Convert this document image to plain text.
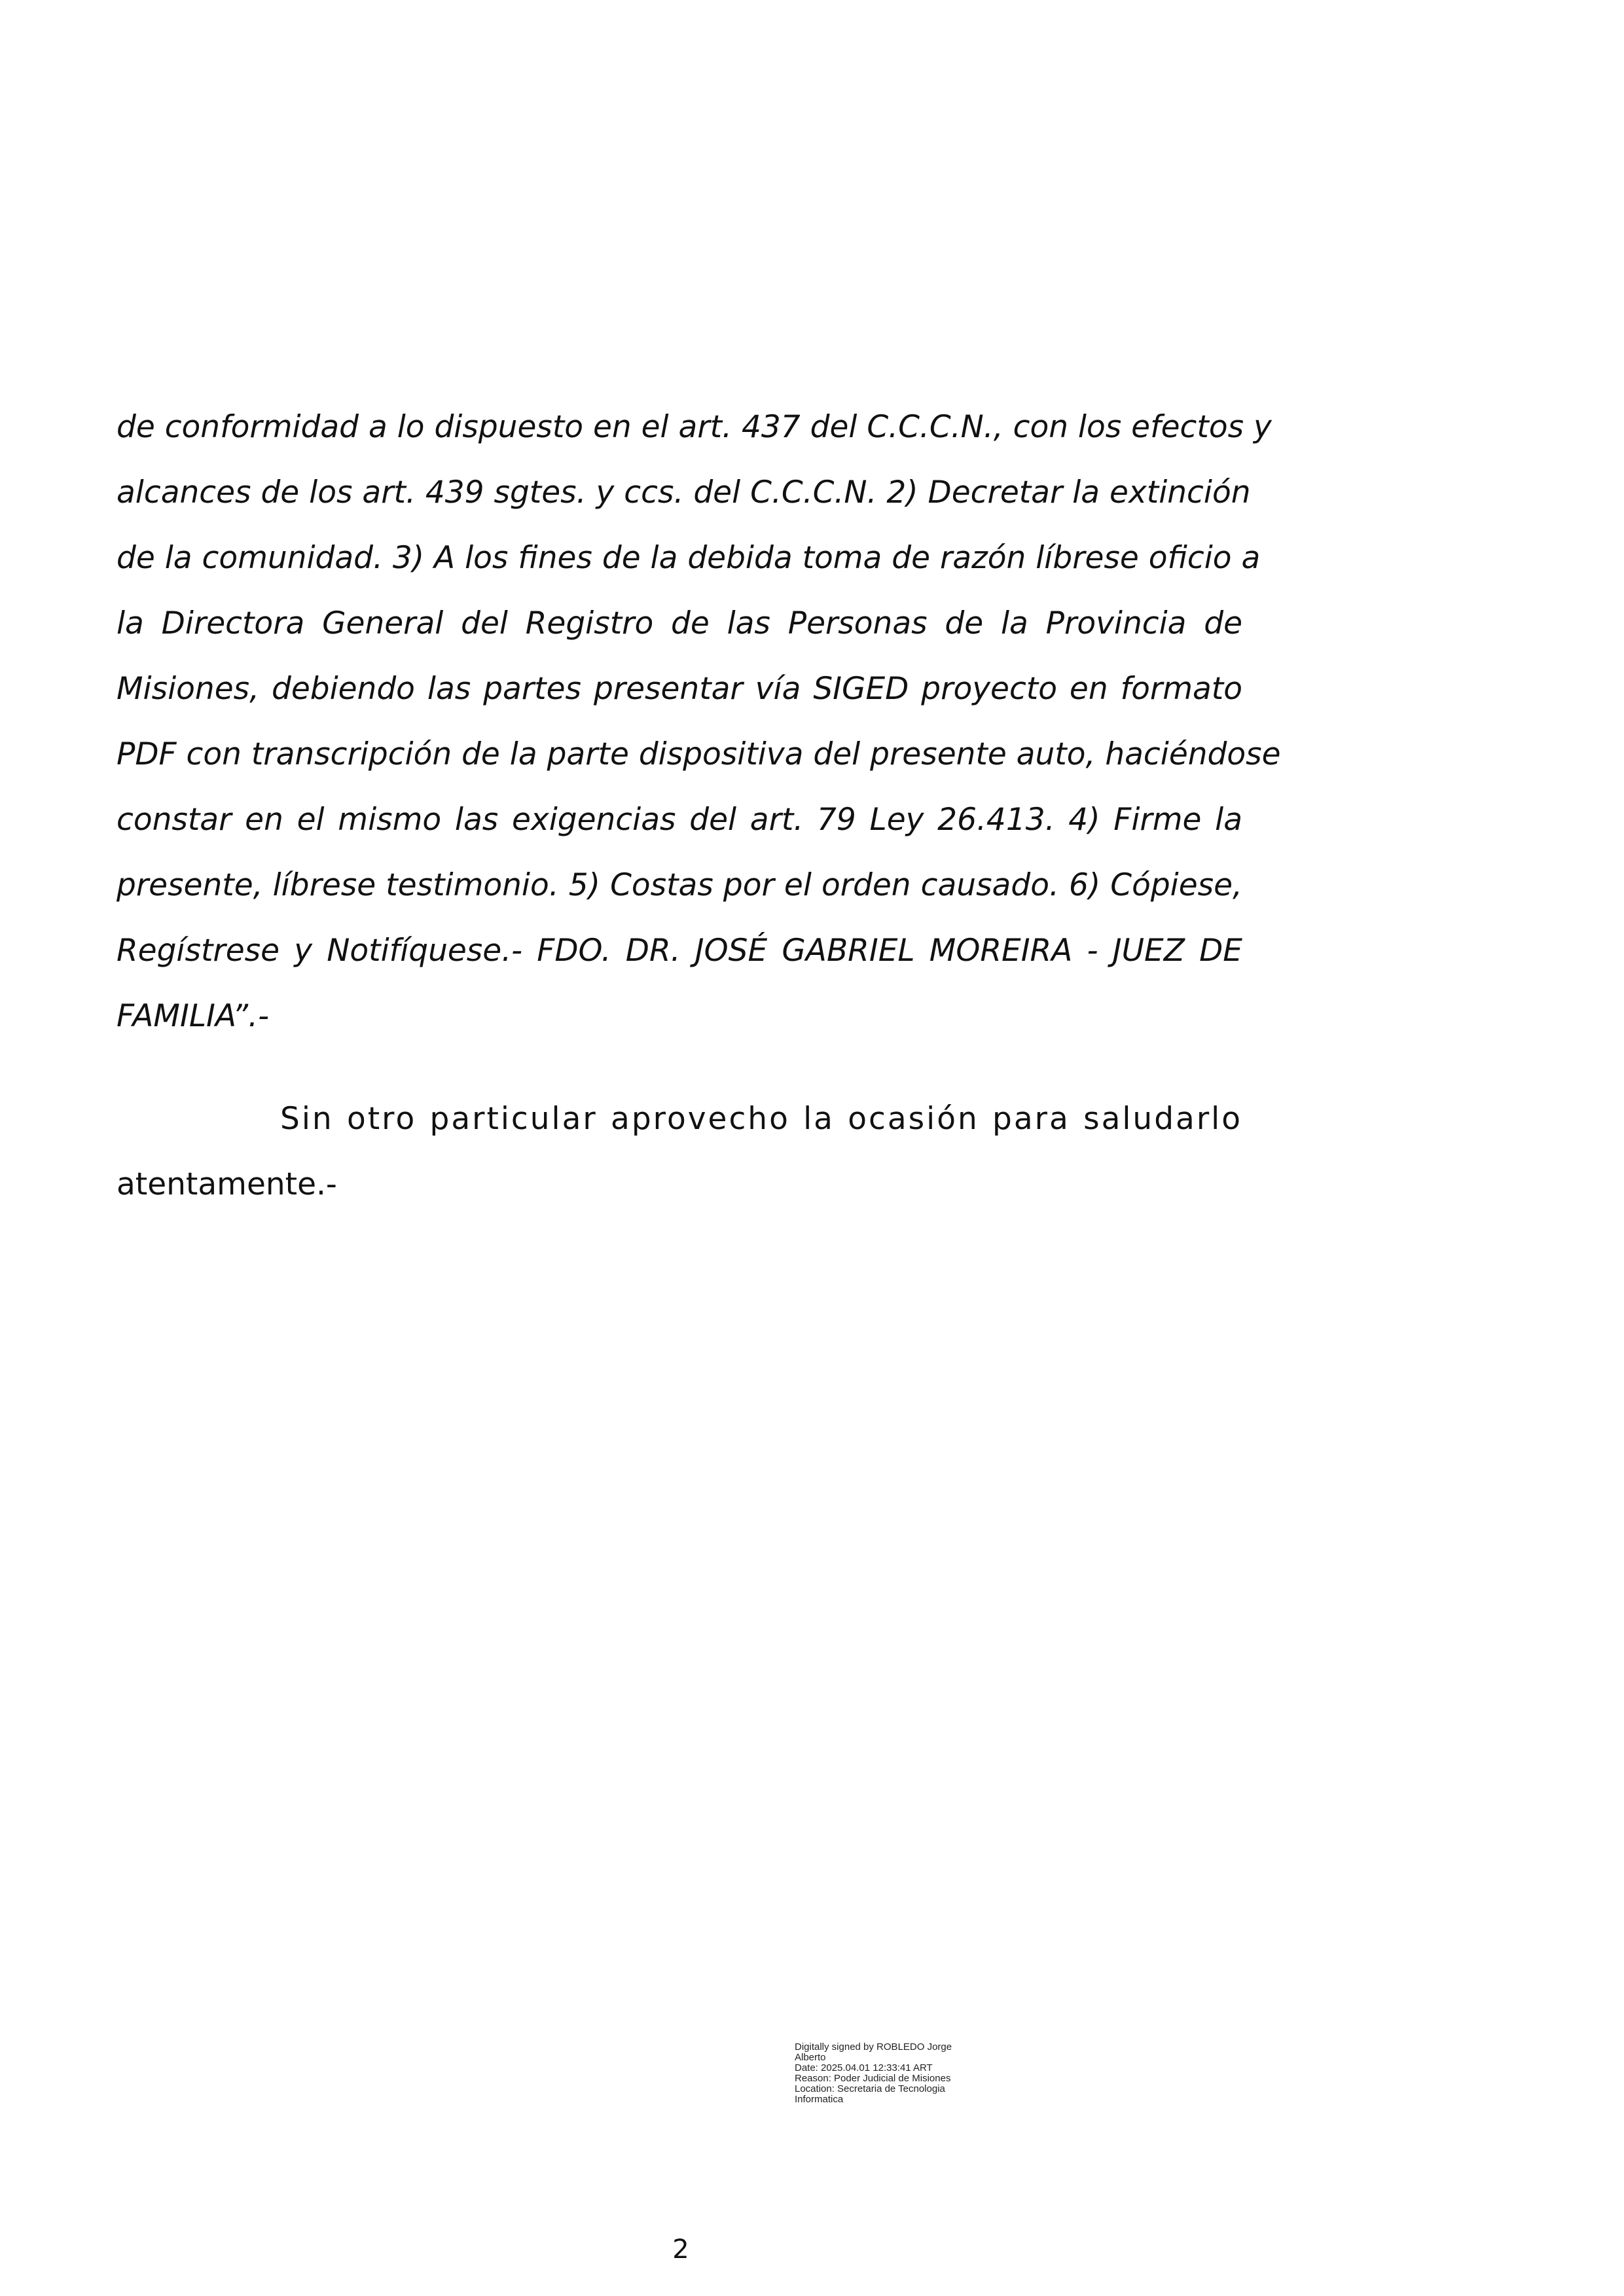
de conformidad a lo dispuesto en el art. 437 del C.C.C.N., con los efectos y
alcances de los art. 439 sgtes. y ccs. del C.C.C.N. 2) Decretar la extinción
de la comunidad. 3) A los fines de la debida toma de razón líbrese oficio a
la Directora General del Registro de las Personas de la Provincia de
Misiones, debiendo las partes presentar vía SIGED proyecto en formato
PDF con transcripción de la parte dispositiva del presente auto, haciéndose
constar en el mismo las exigencias del art. 79 Ley 26.413. 4) Firme la
presente, líbrese testimonio. 5) Costas por el orden causado. 6) Cópiese,
Regístrese y Notifíquese.- FDO. DR. JOSÉ GABRIEL MOREIRA - JUEZ DE
FAMILIA”.-
Sin otro particular aprovecho la ocasión para saludarlo
atentamente.-
Digitally signed by ROBLEDO Jorge
Alberto
Date: 2025.04.01 12:33:41 ART
Reason: Poder Judicial de Misiones
Location: Secretaria de Tecnologia
Informatica
2
